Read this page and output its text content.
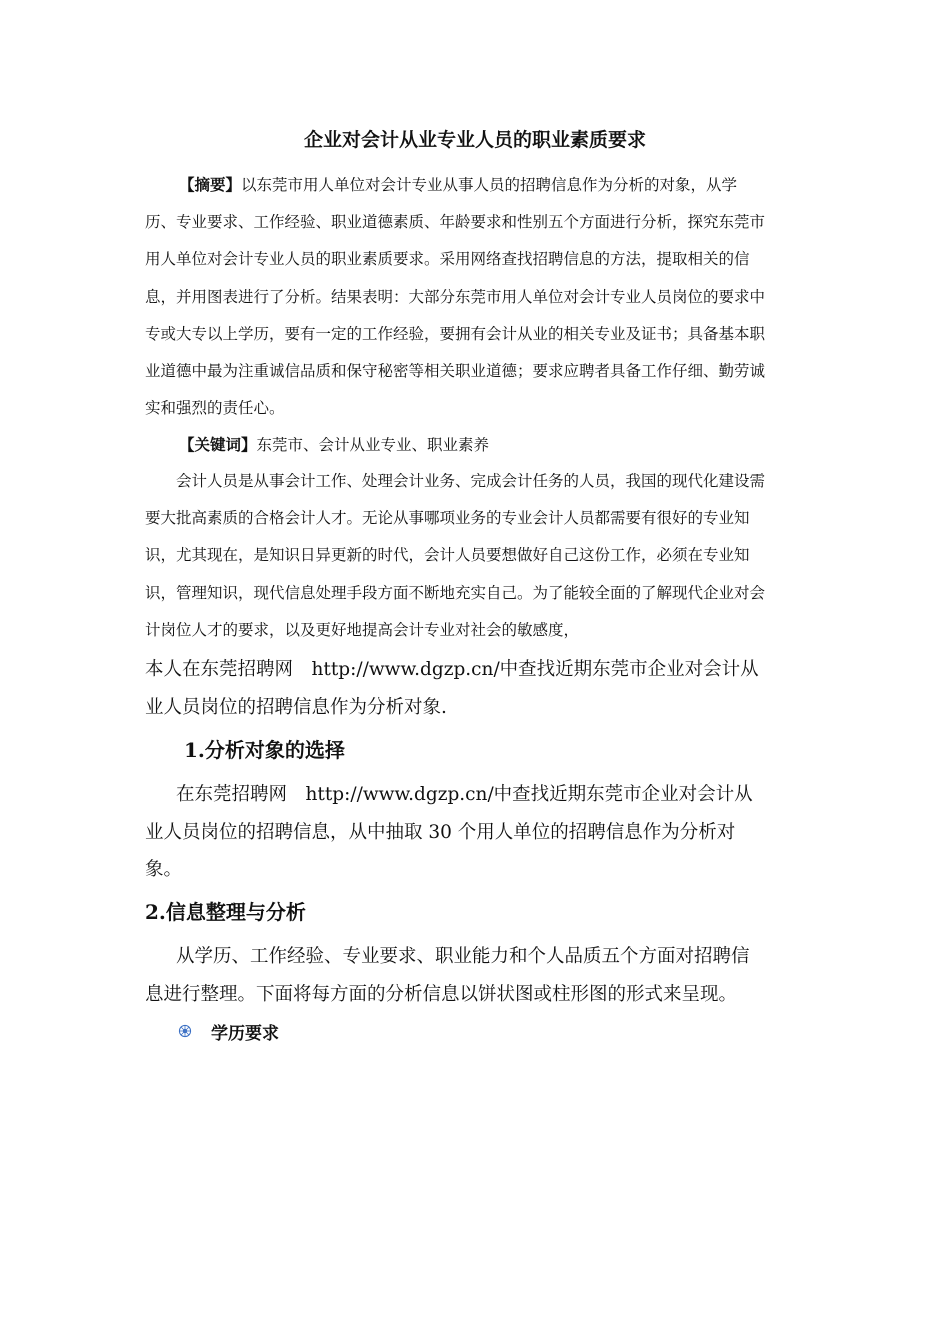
企业对会计从业专业人员的职业素质要求
【摘要】以东莞市用人单位对会计专业从事人员的招聘信息作为分析的对象，从学历、专业要求、工作经验、职业道德素质、年龄要求和性别五个方面进行分析，探究东莞市用人单位对会计专业人员的职业素质要求。采用网络查找招聘信息的方法，提取相关的信息，并用图表进行了分析。结果表明：大部分东莞市用人单位对会计专业人员岗位的要求中专或大专以上学历，要有一定的工作经验，要拥有会计从业的相关专业及证书；具备基本职业道德中最为注重诚信品质和保守秘密等相关职业道德；要求应聘者具备工作仔细、勤劳诚实和强烈的责任心。
【关键词】东莞市、会计从业专业、职业素养
会计人员是从事会计工作、处理会计业务、完成会计任务的人员，我国的现代化建设需要大批高素质的合格会计人才。无论从事哪项业务的专业会计人员都需要有很好的专业知识，尤其现在，是知识日异更新的时代，会计人员要想做好自己这份工作，必须在专业知识，管理知识，现代信息处理手段方面不断地充实自己。为了能较全面的了解现代企业对会计岗位人才的要求，以及更好地提高会计专业对社会的敏感度，
本人在东莞招聘网　http://www.dgzp.cn/中查找近期东莞市企业对会计从业人员岗位的招聘信息作为分析对象.
1.分析对象的选择
在东莞招聘网　http://www.dgzp.cn/中查找近期东莞市企业对会计从业人员岗位的招聘信息，从中抽取 30 个用人单位的招聘信息作为分析对象。
2.信息整理与分析
从学历、工作经验、专业要求、职业能力和个人品质五个方面对招聘信息进行整理。下面将每方面的分析信息以饼状图或柱形图的形式来呈现。
学历要求
